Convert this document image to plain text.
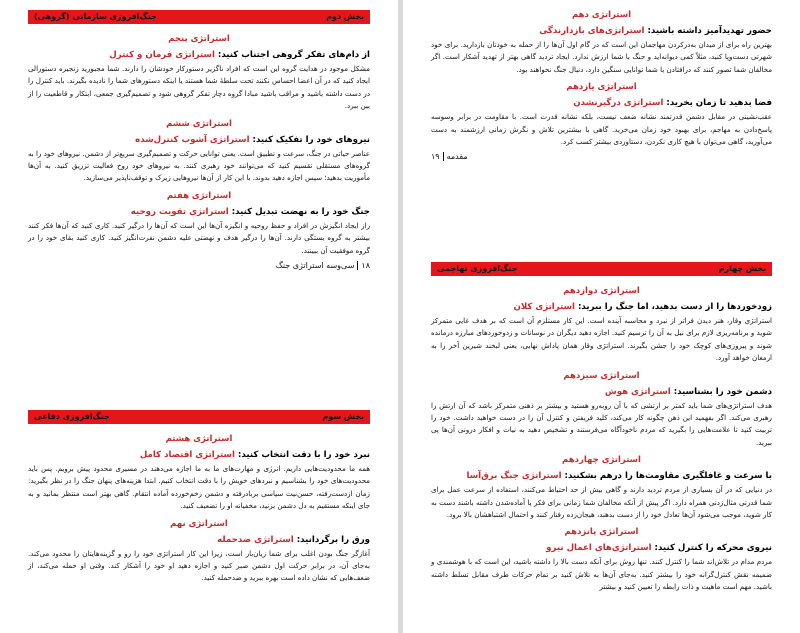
بخش دوم
جنگ‌افروزی سازمانی (گروهی)
استراتژی پنجم
از دام‌های تفکر گروهی اجتناب کنید: استراتژی فرمان و کنترل
مشکل موجود در هدایت گروه این است که افراد ناگزیر دستورکار خودشان را دارند. شما مجبورید زنجیره دستورالی ایجاد کنید که در آن اعضا احساس نکنند تحت سلطهٔ شما هستند یا اینکه دستورهای شما را نادیده بگیرند. باید کنترل را در دست داشته باشید و مراقب باشید مبادا گروه دچار تفکر گروهی شود و تصمیم‌گیری جمعی، ابتکار و قاطعیت را از بین ببرد.
استراتژی ششم
نیروهای خود را تفکیک کنید: استراتژی آشوب کنترل‌شده
عناصر حیاتی در جنگ، سرعت و تطبیق است. یعنی توانایی حرکت و تصمیم‌گیری سریع‌تر از دشمن. نیروهای خود را به گروه‌های مستقلی تقسیم کنید که می‌توانند خود رهبری کنند. به نیروهای خود روح فعالیت تزریق کنید. به آن‌ها مأموریت بدهید؛ سپس اجازه دهید بدوند. با این کار از آن‌ها نیروهایی زیرک و توقف‌ناپذیر می‌سازید.
استراتژی هفتم
جنگ خود را به نهضت تبدیل کنید: استراتژی تقویت روحیه
راز ایجاد انگیزش در افراد و حفظ روحیه و انگیزه آن‌ها این است که آن‌ها را درگیر کنید. کاری کنید که آن‌ها فکر کنند بیشتر به گروه بستگی دارند. آن‌ها را درگیر هدف و نهضتی علیه دشمن نفرت‌انگیز کنید. کاری کنید بقای خود را در گروه موفقیت آن ببینند.
۱۸سی‌وسه استراتژی جنگ
بخش سوم
جنگ‌افروزی دفاعی
استراتژی هشتم
نبرد خود را با دقت انتخاب کنید: استراتژی اقتصاد کامل
همه ما محدودیت‌هایی داریم. انرژی و مهارت‌های ما به ما اجازه می‌دهند در مسیری محدود پیش برویم. پس باید محدودیت‌های خود را بشناسیم و نبردهای خویش را با دقت انتخاب کنیم. ابتدا هزینه‌های پنهان جنگ را در نظر بگیرید: زمان ازدست‌رفته، حسن‌نیت سیاسی برباد‌رفته و دشمن زخم‌خورده آماده انتقام. گاهی بهتر است منتظر بمانید و به جای اینکه مستقیم به دل دشمن بزنید، مخفیانه او را تضعیف کنید.
استراتژی نهم
ورق را برگردانید: استراتژی ضدحمله
آغازگر جنگ بودن اغلب برای شما زیان‌بار است، زیرا این کار استراتژی خود را رو و گزینه‌هایتان را محدود می‌کند. به‌جای آن، در برابر حرکت اول دشمن صبر کنید و اجازه دهید او خود را آشکار کند. وقتی او حمله می‌کند، از ضعف‌هایی که نشان داده است بهره ببرید و ضدحمله کنید.
استراتژی دهم
حضور تهدیدآمیز داشته باشید: استراتژی‌های بازدارندگی
بهترین راه برای از میدان به‌درکردن مهاجمان این است که در گام اول آن‌ها را از حمله به خودتان بازدارید. برای خود شهرتی دست‌وپا کنید، مثلاً کمی دیوانه‌اید و جنگ با شما ارزش ندارد. ایجاد تردید گاهی بهتر از تهدید آشکار است. اگر مخالفان شما تصور کنند که درافتادن با شما توانایی سنگین دارد، دنبال جنگ نخواهند بود.
استراتژی یازدهم
فضا بدهید تا زمان بخرید: استراتژی درگیرنشدن
عقب‌نشینی در مقابل دشمن قدرتمند نشانه ضعف نیست، بلکه نشانه قدرت است. با مقاومت در برابر وسوسه پاسخ‌دادن به مهاجم، برای بهبود خود زمان می‌خرید. گاهی با بیشترین تلاش و نگرش زمانی ارزشمند به دست می‌آورید، گاهی می‌توان با هیچ کاری نکردن، دستاوردی بیشتر کسب کرد.
مقدمه۱۹
بخش چهارم
جنگ‌افروزی تهاجمی
استراتژی دوازدهم
زودخوردها را از دست بدهید، اما جنگ را ببرید: استراتژی کلان
استراتژی وقار، هنر دیدن فراتر از نبرد و محاسبه آینده است. این کار مستلزم آن است که بر هدف غایی متمرکز شوید و برنامه‌ریزی لازم برای نیل به آن را ترسیم کنید. اجازه دهید دیگران در نوسانات و زدوخوردهای مبارزه درمانده شوند و پیروزی‌های کوچک خود را جشن بگیرند. استراتژی وقار همان پاداش نهایی، یعنی لبخند شیرین آخر را به ارمغان خواهد آورد.
استراتژی سیزدهم
دشمن خود را بشناسید: استراتژی هوش
هدف استراتژی‌های شما باید کمتر بر ارتشی که با آن روبه‌رو هستید و بیشتر بر ذهنی متمرکز باشد که آن ارتش را رهبری می‌کند. اگر بفهمید این ذهن چگونه کار می‌کند، کلید فریفتن و کنترل آن را در دست خواهید داشت. خود را تربیت کنید تا علامت‌هایی را بگیرید که مردم ناخودآگاه می‌فرستند و تشخیص دهید به نیات و افکار درونی آن‌ها پی ببرید.
استراتژی چهاردهم
با سرعت و غافلگیری مقاومت‌ها را درهم بشکنید: استراتژی جنگ برق‌آسا
در دنیایی که در آن بسیاری از مردم تردید دارند و گاهی بیش از حد احتیاط می‌کنند، استفاده از سرعت عمل برای شما قدرتی مثال‌زدنی همراه دارد. اگر پیش از آنکه مخالفان شما زمانی برای فکر یا آماده‌شدن داشته باشند دست به کار شوید، موجب می‌شود آن‌ها تعادل خود را از دست بدهند، هیجان‌زده رفتار کنند و احتمال اشتباهشان بالا برود.
استراتژی پانزدهم
نیروی محرکه را کنترل کنید: استراتژی‌های اعمال نیرو
مردم مدام در تلاش‌اند شما را کنترل کنند. تنها روش برای آنکه دست بالا را داشته باشید، این است که با هوشمندی و ضمیمه نقش کنترل‌گرانه خود را بیشتر کنید. به‌جای آن‌ها به تلاش کنید بر تمام حرکات طرف مقابل تسلط داشته باشید. مهم است ماهیت و ذات رابطه را تعیین کنید و بیشتر
